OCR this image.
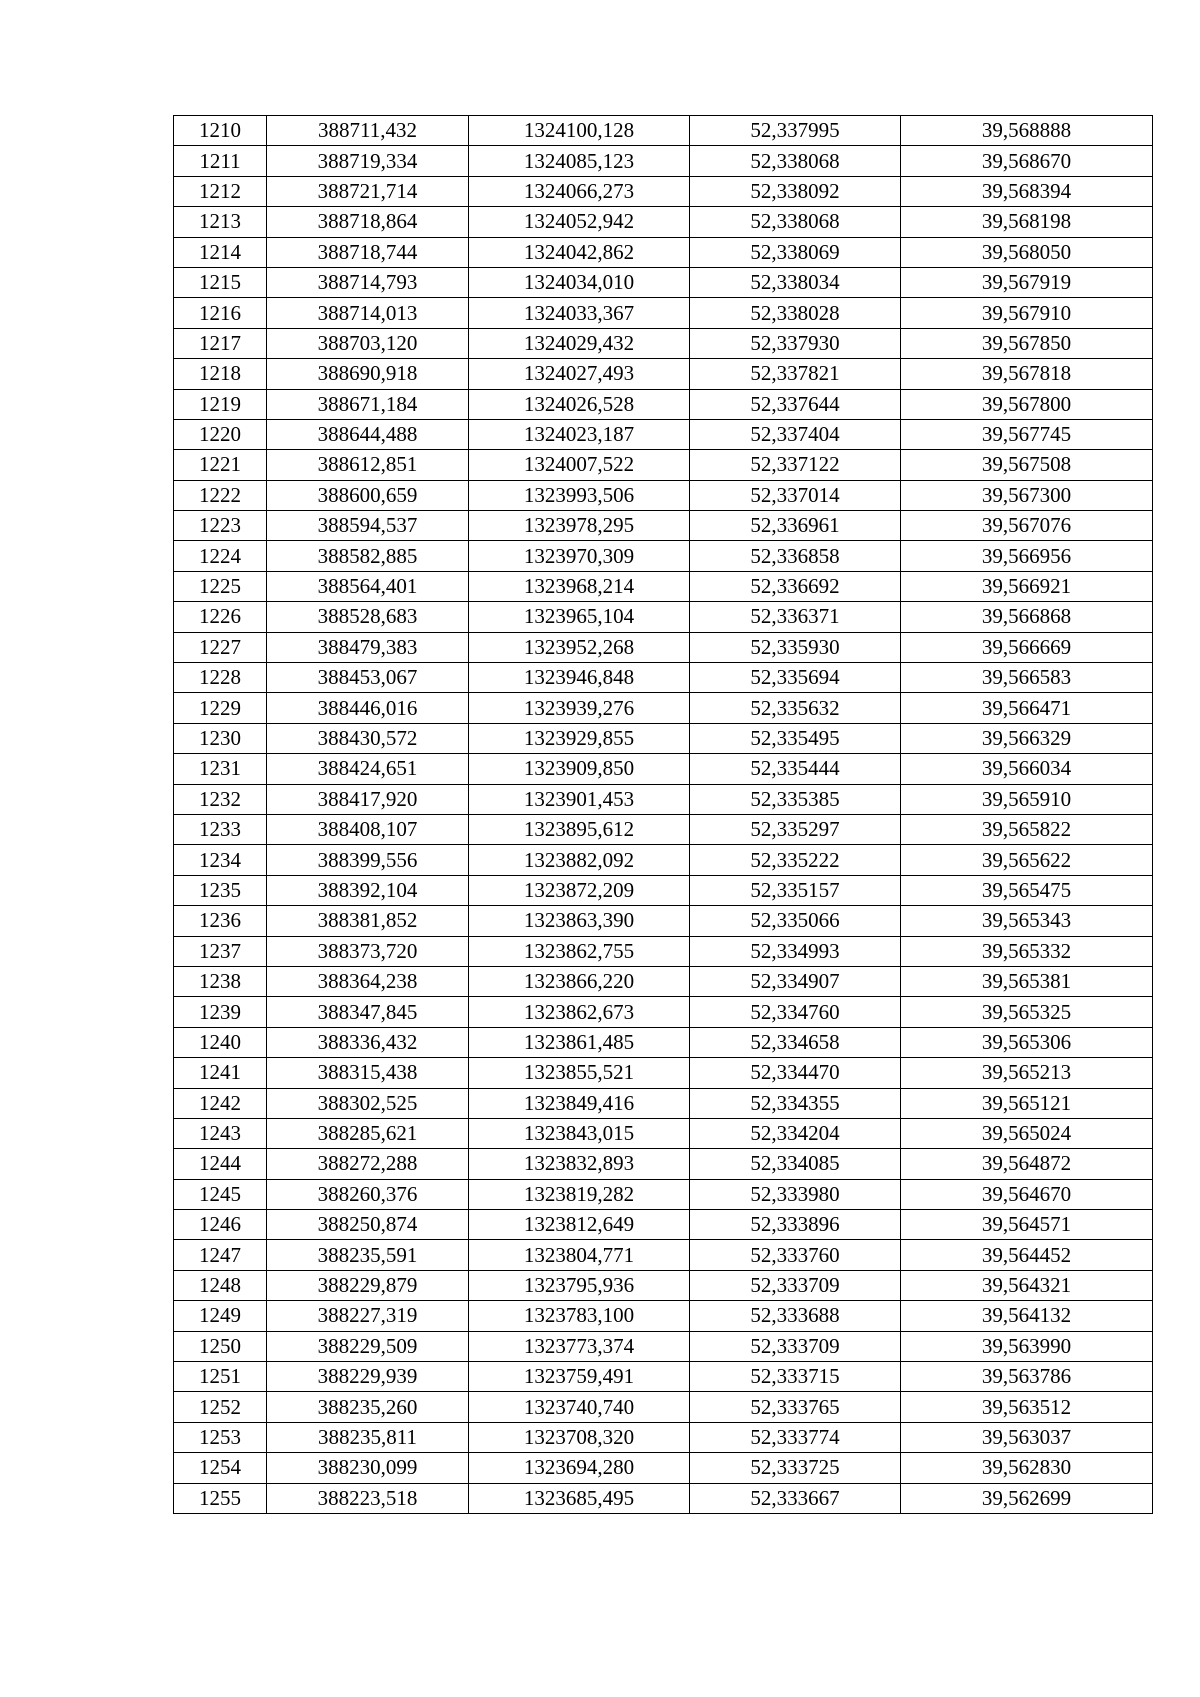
1210	388711,432	1324100,128	52,337995	39,568888
1211	388719,334	1324085,123	52,338068	39,568670
1212	388721,714	1324066,273	52,338092	39,568394
1213	388718,864	1324052,942	52,338068	39,568198
1214	388718,744	1324042,862	52,338069	39,568050
1215	388714,793	1324034,010	52,338034	39,567919
1216	388714,013	1324033,367	52,338028	39,567910
1217	388703,120	1324029,432	52,337930	39,567850
1218	388690,918	1324027,493	52,337821	39,567818
1219	388671,184	1324026,528	52,337644	39,567800
1220	388644,488	1324023,187	52,337404	39,567745
1221	388612,851	1324007,522	52,337122	39,567508
1222	388600,659	1323993,506	52,337014	39,567300
1223	388594,537	1323978,295	52,336961	39,567076
1224	388582,885	1323970,309	52,336858	39,566956
1225	388564,401	1323968,214	52,336692	39,566921
1226	388528,683	1323965,104	52,336371	39,566868
1227	388479,383	1323952,268	52,335930	39,566669
1228	388453,067	1323946,848	52,335694	39,566583
1229	388446,016	1323939,276	52,335632	39,566471
1230	388430,572	1323929,855	52,335495	39,566329
1231	388424,651	1323909,850	52,335444	39,566034
1232	388417,920	1323901,453	52,335385	39,565910
1233	388408,107	1323895,612	52,335297	39,565822
1234	388399,556	1323882,092	52,335222	39,565622
1235	388392,104	1323872,209	52,335157	39,565475
1236	388381,852	1323863,390	52,335066	39,565343
1237	388373,720	1323862,755	52,334993	39,565332
1238	388364,238	1323866,220	52,334907	39,565381
1239	388347,845	1323862,673	52,334760	39,565325
1240	388336,432	1323861,485	52,334658	39,565306
1241	388315,438	1323855,521	52,334470	39,565213
1242	388302,525	1323849,416	52,334355	39,565121
1243	388285,621	1323843,015	52,334204	39,565024
1244	388272,288	1323832,893	52,334085	39,564872
1245	388260,376	1323819,282	52,333980	39,564670
1246	388250,874	1323812,649	52,333896	39,564571
1247	388235,591	1323804,771	52,333760	39,564452
1248	388229,879	1323795,936	52,333709	39,564321
1249	388227,319	1323783,100	52,333688	39,564132
1250	388229,509	1323773,374	52,333709	39,563990
1251	388229,939	1323759,491	52,333715	39,563786
1252	388235,260	1323740,740	52,333765	39,563512
1253	388235,811	1323708,320	52,333774	39,563037
1254	388230,099	1323694,280	52,333725	39,562830
1255	388223,518	1323685,495	52,333667	39,562699
